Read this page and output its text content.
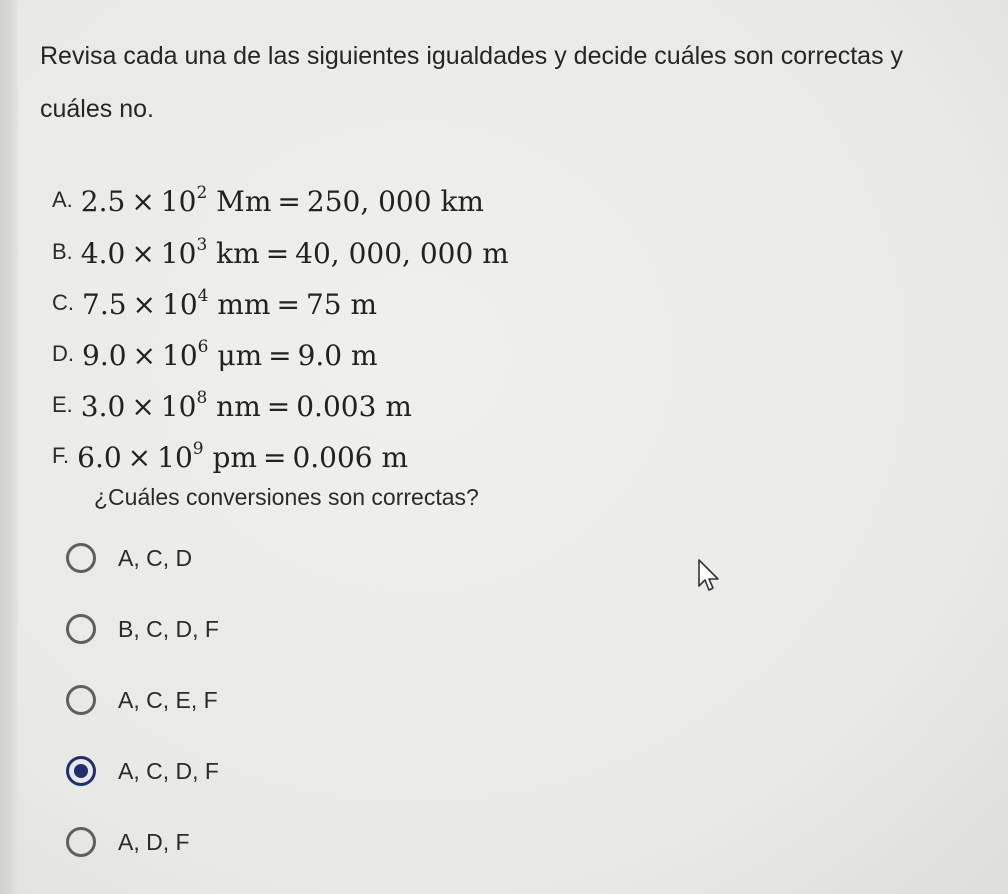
Revisa cada una de las siguientes igualdades y decide cuáles son correctas y cuáles no.
A. $2.5 \times 10^2$ Mm = 250, 000 km
B. $4.0 \times 10^3$ km = 40, 000, 000 m
C. $7.5 \times 10^4$ mm = 75 m
D. $9.0 \times 10^6$ μm = 9.0 m
E. $3.0 \times 10^8$ nm = 0.003 m
F. $6.0 \times 10^9$ pm = 0.006 m
¿Cuáles conversiones son correctas?
A, C, D
B, C, D, F
A, C, E, F
A, C, D, F
A, D, F
